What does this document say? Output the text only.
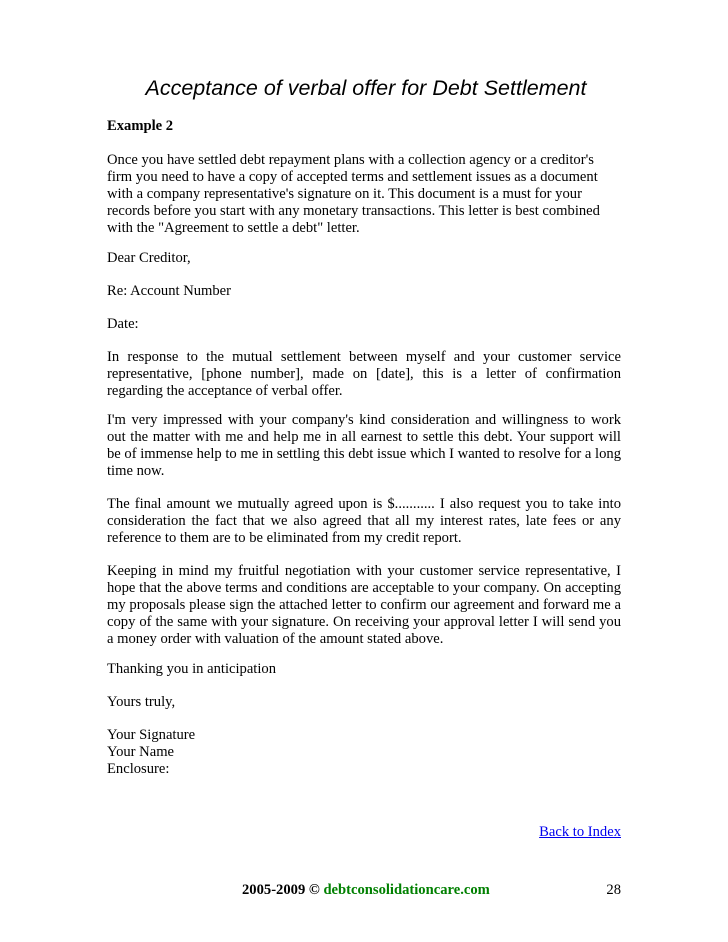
Acceptance of verbal offer for Debt Settlement

Example 2

Once you have settled debt repayment plans with a collection agency or a creditor's firm you need to have a copy of accepted terms and settlement issues as a document with a company representative's signature on it. This document is a must for your records before you start with any monetary transactions. This letter is best combined with the "Agreement to settle a debt" letter.

Dear Creditor,

Re: Account Number

Date:

In response to the mutual settlement between myself and your customer service representative, [phone number], made on [date], this is a letter of confirmation regarding the acceptance of verbal offer.

I'm very impressed with your company's kind consideration and willingness to work out the matter with me and help me in all earnest to settle this debt. Your support will be of immense help to me in settling this debt issue which I wanted to resolve for a long time now.

The final amount we mutually agreed upon is $........... I also request you to take into consideration the fact that we also agreed that all my interest rates, late fees or any reference to them are to be eliminated from my credit report.

Keeping in mind my fruitful negotiation with your customer service representative, I hope that the above terms and conditions are acceptable to your company. On accepting my proposals please sign the attached letter to confirm our agreement and forward me a copy of the same with your signature. On receiving your approval letter I will send you a money order with valuation of the amount stated above.

Thanking you in anticipation

Yours truly,

Your Signature
Your Name
Enclosure:
Back to Index
2005-2009 © debtconsolidationcare.com	28
